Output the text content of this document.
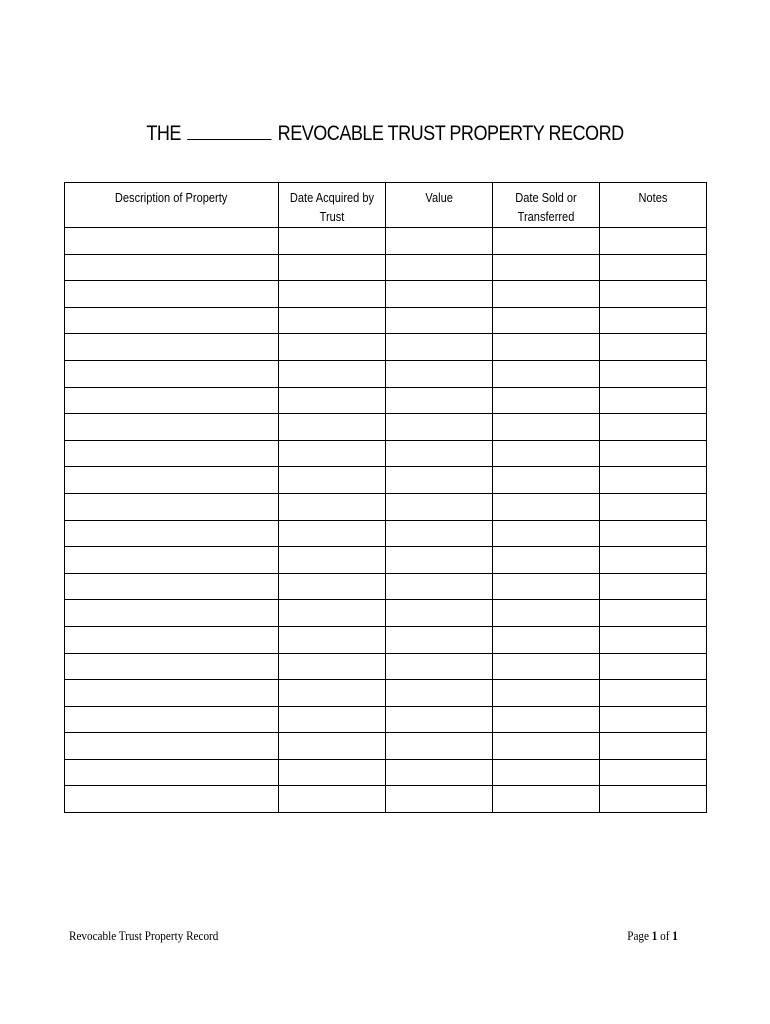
THE	REVOCABLE TRUST PROPERTY RECORD
Description of Property	Date Acquired by Trust	Value	Date Sold or Transferred	Notes

Revocable Trust Property Record	Page 1 of 1
